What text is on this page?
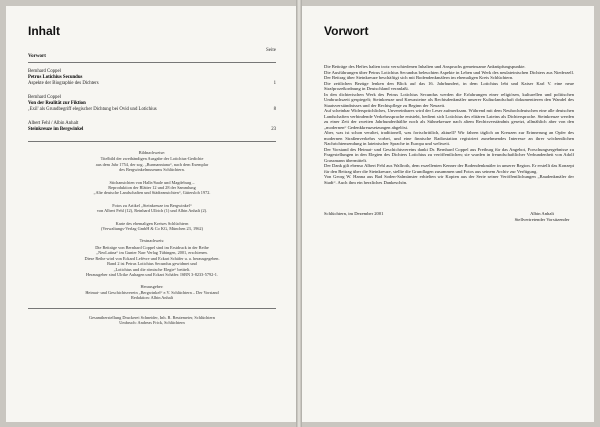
Inhalt
Seite
Vorwort
Bernhard Coppel
Petrus Lotichius Secundus
Aspekte der Biographie des Dichters	1
Bernhard Coppel
Von der Realität zur Fiktion
‚Exil' als Grundbegriff elegischer Dichtung bei Ovid und Lotichius	8
Albert Fehl / Albin Anhalt
Steinkreuze im Bergwinkel	23
Bildnachweise:
Titelbild der zweibändigen Ausgabe der Lotichius-Gedichte
aus dem Jahr 1754, der sog. „Burmanniana“, nach dem Exemplar
des Bergwinkelmuseums Schlüchtern.
Stichansichten von Halle/Saale und Magdeburg –
Reproduktion der Blätter 12 und 28 der Sammlung
„Alte deutsche Landschaften und Städteansichten“, Gütersloh 1972.
Fotos zu Artikel „Steinkreuze im Bergwinkel“
von Albert Fehl (12), Reinhard Ullrich (1) und Albin Anhalt (2).
Karte des ehemaligen Kreises Schlüchtern
(Verwaltungs-Verlag GmbH & Co KG, München 23, 1962)
Textnachweis:
Die Beiträge von Bernhard Coppel sind im Erstdruck in der Reihe
„NeoLatina“ im Gunter Narr Verlag Tübingen, 2001, erschienen.
Diese Reihe wird von Eckard Lefèvre und Eckart Schäfer u. a. herausgegeben.
Band 2 ist Petrus Lotichius Secundus gewidmet und
„Lotichius und die römische Elegie“ betitelt.
Herausgeber sind Ulrike Auhagen und Eckart Schäfer. ISBN 3-8233-5792-1.
Herausgeber:
Heimat- und Geschichtsverein „Bergwinkel“ e.V. Schlüchtern – Der Vorstand
Redaktion: Albin Anhalt
Gesamtherstellung Druckerei Schneider, Inh. R. Reutemeier, Schlüchtern
Umbruch: Andreas Frick, Schlüchtern
Vorwort

Die Beiträge des Heftes halten trotz verschiedenen Inhalten und Anspruchs gemeinsame Anknüpfungspunkte.

Die Ausführungen über Petrus Lotichius Secundus beleuchten Aspekte in Leben und Werk des neulateinischen Dichters aus Niederzell. Der Beitrag über Steinkreuze beschäftigt sich mit Bodendenkmälern im ehemaligen Kreis Schlüchtern.

Die zeitlichen Bezüge lenken den Blick auf das 16. Jahrhundert, in dem Lotichius lebt und Kaiser Karl V. eine neue Strafprozeßordnung in Deutschland veranlaßt.

In den dichterischen Werk des Petrus Lotichius Secundus werden die Erfahrungen einer religiösen, kulturellen und politischen Umbruchszeit gespiegelt; Steinkreuze und Kreuzsteine als Rechtsdenkmäler unserer Kulturlandschaft dokumentieren den Wandel des Staatsverständnisses und der Rechtspflege zu Beginn der Neuzeit.

Auf scheinbar Widersprüchliches, Unvereinbares wird der Leser aufmerksam. Während mit dem Neuhochdeutschen eine alle deutschen Landschaften verbindende Verkehrssprache entsteht, bedient sich Lotichius des elitären Lateins als Dichtersprache. Steinkreuze werden zu einer Zeit der zweiten Jahrhunderthälfte noch als Sühnekreuze nach altem Rechtsverständnis gesetzt, allmählich aber von den „modernen“ Gedenkkreuzsetzungen abgelöst.

Aber, was ist schon veraltet, traditionell, was fortschrittlich, aktuell? Wir fahren täglich an Kreuzen zur Erinnerung an Opfer des modernen Straßenverkehrs vorbei, und eine finnische Radiostation registriert zunehmendes Interesse an ihrer wöchentlichen Nachrichtensendung in lateinischer Sprache in Europa und weltweit.

Der Vorstand des Heimat- und Geschichtsvereins dankt Dr. Bernhard Coppel aus Freiburg für das Angebot, Forschungsergebnisse zu Fragestellungen in den Elegien des Dichters Lotichius zu veröffentlichen; sie wurden in freundschaftlicher Verbundenheit von Adolf Grassmann übermittelt.

Der Dank gilt ebenso Albert Fehl aus Wallroth, dem exzellenten Kenner der Bodendenkmäler in unserer Region. Er erstellt das Konzept für den Beitrag über die Steinkreuze, stellte die Grundlagen zusammen und Fotos aus seinem Archiv zur Verfügung.

Von Georg W. Hanna aus Bad Soden-Salmünster erhielten wir Kopien aus der Serie seiner Veröffentlichungen „Baudenkmäler der Stadt“. Auch ihm ein herzliches Dankeschön.

Schlüchtern, im Dezember 2001	Albin Anhalt
Stellvertretender Vorsitzender
